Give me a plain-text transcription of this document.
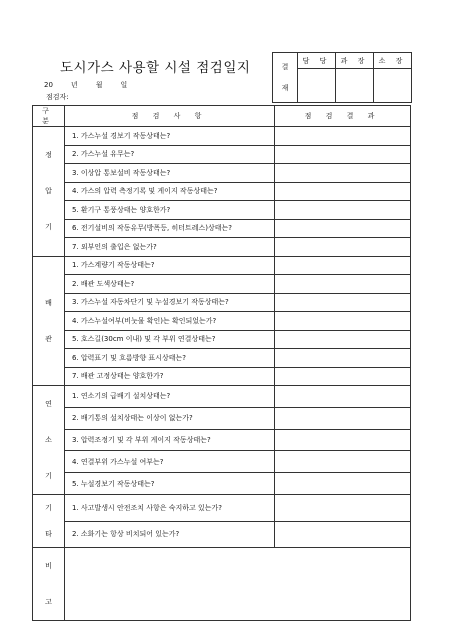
도시가스 사용할 시설 점검일지
20	년	월	일
점검자:
결
재	담 당	과 장	소 장

구 분	점 검 사 항	점 검 결 과

정
압
기	1. 가스누설 경보기 작동상태는?	
	2. 가스누설 유무는?	
	3. 이상압 통보설비 작동상태는?	
	4. 가스의 압력 측정기록 및 게이지 작동상태는?	
	5. 환기구 통풍상태는 양호한가?	
	6. 전기설비의 작동유무(방폭등, 히터트레스)상태는?	
	7. 외부인의 출입은 없는가?	

배
관	1. 가스계량기 작동상태는?	
	2. 배관 도색상태는?	
	3. 가스누설 자동차단기 및 누설경보기 작동상태는?	
	4. 가스누설여부(비눗물 확인)는 확인되었는가?	
	5. 호스길(30cm 이내) 및 각 부위 연결상태는?	
	6. 압력표기 및 흐름방향 표시상태는?	
	7. 배관 고정상태는 양호한가?	

연
소
기	1. 연소기의 급배기 설치상태는?	
	2. 배기통의 설치상태는 이상이 없는가?	
	3. 압력조정기 및 각 부위 게이지 작동상태는?	
	4. 연결부위 가스누설 여부는?	
	5. 누설경보기 작동상태는?	

기
타	1. 사고발생시 안전조치 사항은 숙지하고 있는가?	
	2. 소화기는 항상 비치되어 있는가?	

비
고		
